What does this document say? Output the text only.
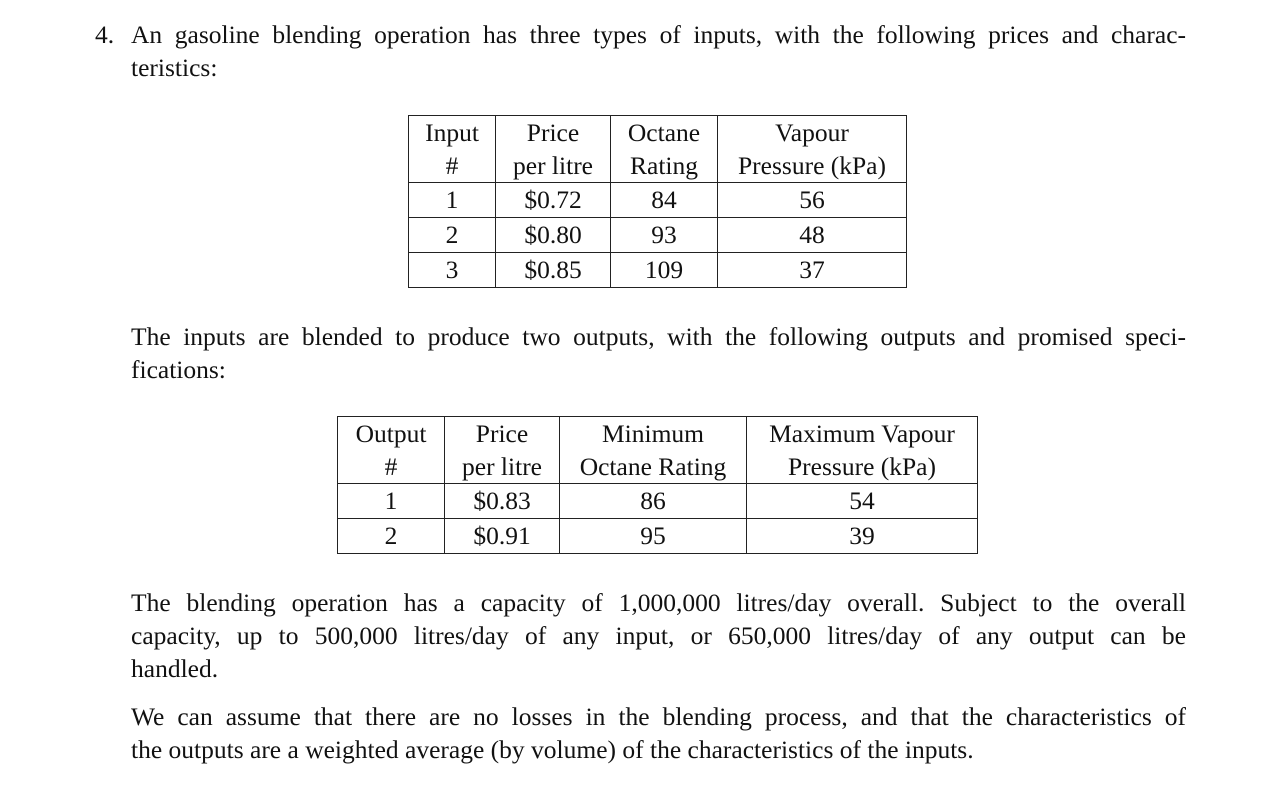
4. An gasoline blending operation has three types of inputs, with the following prices and charac-
teristics:

Input	Price	Octane	Vapour
#	per litre	Rating	Pressure (kPa)
1	$0.72	84	56
2	$0.80	93	48
3	$0.85	109	37

The inputs are blended to produce two outputs, with the following outputs and promised speci-
fications:

Output	Price	Minimum	Maximum Vapour
#	per litre	Octane Rating	Pressure (kPa)
1	$0.83	86	54
2	$0.91	95	39

The blending operation has a capacity of 1,000,000 litres/day overall. Subject to the overall
capacity, up to 500,000 litres/day of any input, or 650,000 litres/day of any output can be
handled.

We can assume that there are no losses in the blending process, and that the characteristics of
the outputs are a weighted average (by volume) of the characteristics of the inputs.
